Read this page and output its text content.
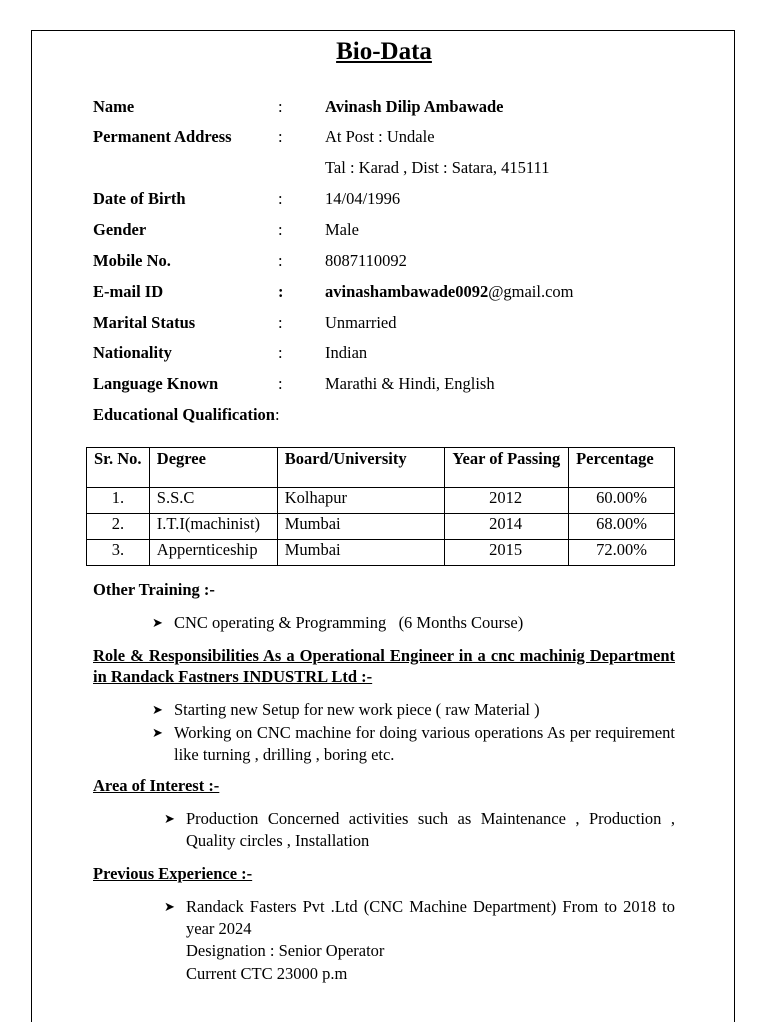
Bio-Data
Name	:	Avinash Dilip Ambawade
Permanent Address	:	At Post : Undale
Tal : Karad , Dist : Satara, 415111
Date of Birth	:	14/04/1996
Gender	:	Male
Mobile No.	:	8087110092
E-mail ID	:	avinashambawade0092@gmail.com
Marital Status	:	Unmarried
Nationality	:	Indian
Language Known	:	Marathi & Hindi, English
Educational Qualification:
Sr. No.	Degree	Board/University	Year of Passing	Percentage
1.	S.S.C	Kolhapur	2012	60.00%
2.	I.T.I(machinist)	Mumbai	2014	68.00%
3.	Appernticeship	Mumbai	2015	72.00%
Other Training :-
➤ CNC operating & Programming   (6 Months Course)
Role & Responsibilities As a Operational Engineer in a cnc machinig Department in Randack Fastners INDUSTRL Ltd :-
➤ Starting new Setup for new work piece ( raw Material )
➤ Working on CNC machine for doing various operations As per requirement like turning , drilling , boring etc.
Area of Interest :-
➤ Production Concerned activities such as Maintenance , Production , Quality circles , Installation
Previous Experience :-
➤ Randack Fasters Pvt .Ltd (CNC Machine Department) From to 2018 to year 2024
Designation : Senior Operator
Current CTC 23000 p.m
